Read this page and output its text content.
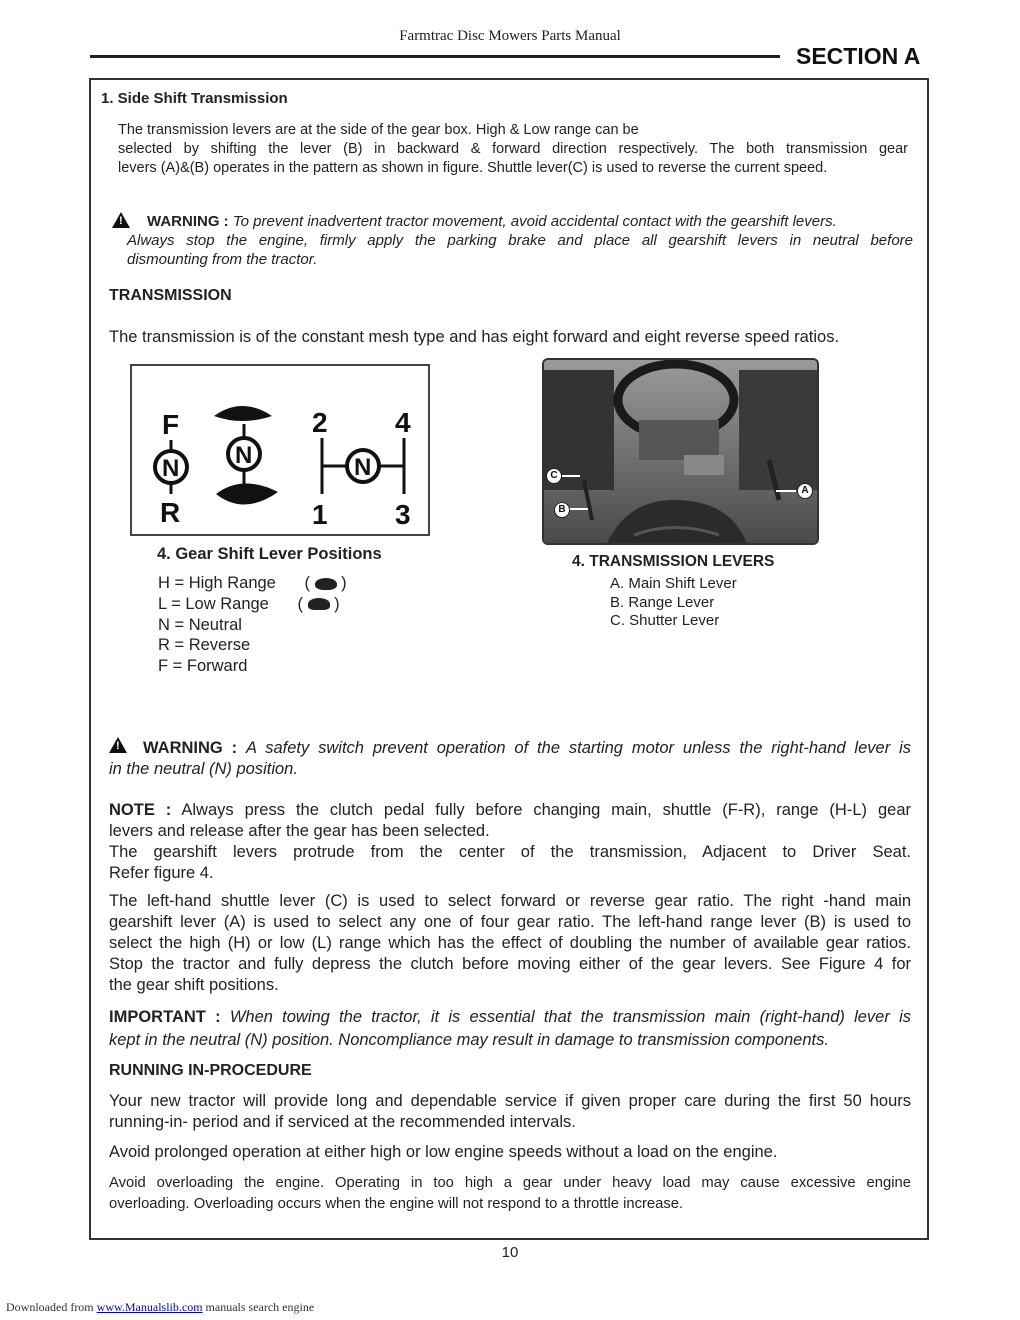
Farmtrac Disc Mowers Parts Manual
SECTION A
1. Side Shift Transmission
The transmission levers are at the side of the gear box. High & Low range can be
selected by shifting the lever (B) in backward & forward direction respectively. The both transmission gear
levers (A)&(B) operates in the pattern as shown in figure. Shuttle lever(C) is used to reverse the current speed.
!
WARNING : To prevent inadvertent tractor movement, avoid accidental contact with the gearshift levers.
Always stop the engine, firmly apply the parking brake and place all gearshift levers in neutral before
dismounting from the tractor.
TRANSMISSION
The transmission is of the constant mesh type and has eight forward and eight reverse speed ratios.
F
N
R
N
2 4
N
1 3
4. Gear Shift Lever Positions
H = High Range ( )
L = Low Range ( )
N = Neutral
R = Reverse
F = Forward
C
B
A
4. TRANSMISSION LEVERS
A. Main Shift Lever
B. Range Lever
C. Shutter Lever
!
WARNING : A safety switch prevent operation of the starting motor unless the right-hand lever is
in the neutral (N) position.
NOTE : Always press the clutch pedal fully before changing main, shuttle (F-R), range (H-L) gear
levers and release after the gear has been selected.
The gearshift levers protrude from the center of the transmission, Adjacent to Driver Seat.
Refer figure 4.
The left-hand shuttle lever (C) is used to select forward or reverse gear ratio. The right -hand main
gearshift lever (A) is used to select any one of four gear ratio. The left-hand range lever (B) is used to
select the high (H) or low (L) range which has the effect of doubling the number of available gear ratios.
Stop the tractor and fully depress the clutch before moving either of the gear levers. See Figure 4 for
the gear shift positions.
IMPORTANT : When towing the tractor, it is essential that the transmission main (right-hand) lever is
kept in the neutral (N) position. Noncompliance may result in damage to transmission components.
RUNNING IN-PROCEDURE
Your new tractor will provide long and dependable service if given proper care during the first 50 hours
running-in- period and if serviced at the recommended intervals.
Avoid prolonged operation at either high or low engine speeds without a load on the engine.
Avoid overloading the engine. Operating in too high a gear under heavy load may cause excessive engine
overloading. Overloading occurs when the engine will not respond to a throttle increase.
10
Downloaded from www.Manualslib.com manuals search engine
